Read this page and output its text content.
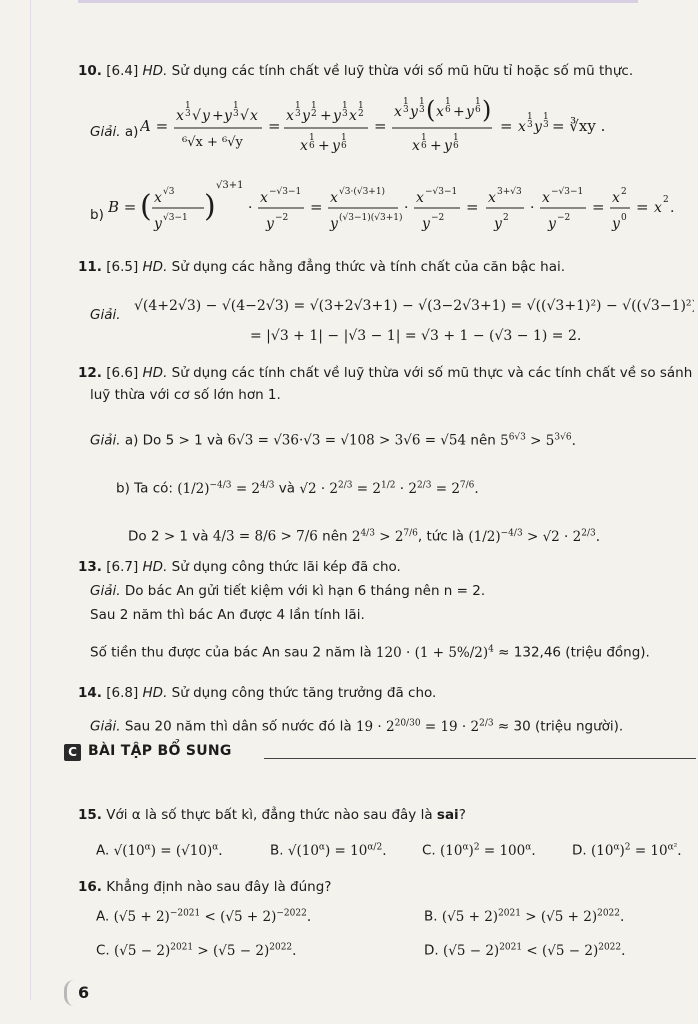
10. [6.4] HD. Sử dụng các tính chất về luỹ thừa với số mũ hữu tỉ hoặc số mũ thực.
Giải. a) A =
x
1
3 √ y + y
1
3 √ x
⁶√x + ⁶√y
=
x
1
3 y
1
2 + y
1
3 x
1
2
x 1
6 + y 1
6
=
x
1
3 y
1
3 ( x
1
6 + y
1
6 )
x 1
6 + y 1
6
= x
1
3 y
1
3 = ∛xy .
b) B = ( x √3
y √3−1 )
√3+1
·
x −√3−1
y −2
= x √3·(√3+1)
y (√3−1)(√3+1)
·
x −√3−1
y −2
= x 3+√3
y 2
·
x −√3−1
y −2
= x 2
y 0
= x 2 .
11. [6.5] HD. Sử dụng các hằng đẳng thức và tính chất của căn bậc hai.
Giải.
√(4+2√3) − √(4−2√3) = √(3+2√3+1) − √(3−2√3+1) = √((√3+1)²) − √((√3−1)²)
= |√3 + 1| − |√3 − 1| = √3 + 1 − (√3 − 1) = 2.
12. [6.6] HD. Sử dụng các tính chất về luỹ thừa với số mũ thực và các tính chất về so sánh
luỹ thừa với cơ số lớn hơn 1.
Giải. a) Do 5 > 1 và 6√3 = √36·√3 = √108 > 3√6 = √54 nên $5^{6√3} > 5^{3√6}$.
b) Ta có: $(1/2)^{-4/3} = 2^{4/3}$ và $√2 \cdot 2^{2/3} = 2^{1/2} \cdot 2^{2/3} = 2^{7/6}$.
Do 2 > 1 và 4/3 = 8/6 > 7/6 nên $2^{4/3} > 2^{7/6}$, tức là $(1/2)^{-4/3} > √2 \cdot 2^{2/3}$.
13. [6.7] HD. Sử dụng công thức lãi kép đã cho.
Giải. Do bác An gửi tiết kiệm với kì hạn 6 tháng nên n = 2.
Sau 2 năm thì bác An được 4 lần tính lãi.
Số tiền thu được của bác An sau 2 năm là $120 \cdot (1 + 5\%/2)^4 \approx 132,46$ (triệu đồng).
14. [6.8] HD. Sử dụng công thức tăng trưởng đã cho.
Giải. Sau 20 năm thì dân số nước đó là $19 \cdot 2^{20/30} = 19 \cdot 2^{2/3} \approx 30$ (triệu người).
C BÀI TẬP BỔ SUNG
15. Với α là số thực bất kì, đẳng thức nào sau đây là sai?
A. $√(10^\alpha) = (√10)^\alpha$.	B. $√(10^\alpha) = 10^{\alpha/2}$.	C. $(10^\alpha)^2 = 100^\alpha$.	D. $(10^\alpha)^2 = 10^{\alpha^2}$.
16. Khẳng định nào sau đây là đúng?
A. $(√5 + 2)^{-2021} < (√5 + 2)^{-2022}$.	B. $(√5 + 2)^{2021} > (√5 + 2)^{2022}$.
C. $(√5 - 2)^{2021} > (√5 - 2)^{2022}$.	D. $(√5 - 2)^{2021} < (√5 - 2)^{2022}$.
6
